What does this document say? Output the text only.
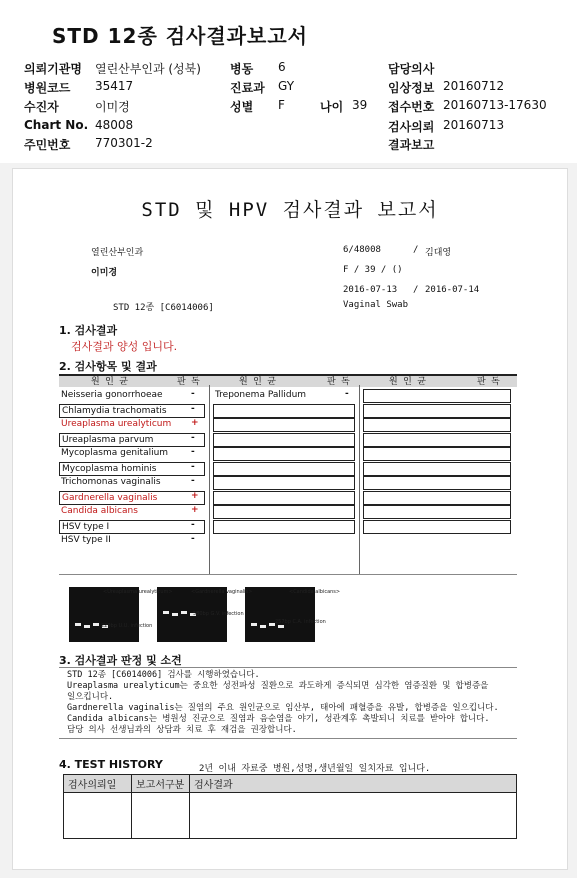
STD 12종 검사결과보고서
의뢰기관명 열린산부인과 (성북) 병동 6	담당의사
병원코드 35417	진료과 GY	임상정보 20160712
수진자	이미경	성별 F	나이 39 접수번호 20160713-17630
Chart No. 48008	검사의뢰 20160713
주민번호 770301-2	결과보고
STD 및 HPV 검사결과 보고서
열린산부인과	6/48008	/ 김대영
이미경	F / 39 / ()
2016-07-13 / 2016-07-14
STD 12종 [C6014006]	Vaginal Swab
1. 검사결과
검사결과 양성 입니다.
2. 검사항목 및 결과
원 인 균	판 독	원 인 균	판 독	원 인 균	판 독
Neisseria gonorrhoeae	-
Chlamydia trachomatis	-
Ureaplasma urealyticum	+
Ureaplasma parvum	-
Mycoplasma genitalium	-
Mycoplasma hominis	-
Trichomonas vaginalis	-
Gardnerella vaginalis	+
Candida albicans	+
HSV type I	-
HSV type II	-
Treponema Pallidum	-
<Ureaplasma urealyticum>	<Gardnerella vaginalis>	<Candida albicans>
229bp U.U. infection
580bp G.V. infection
257bp C.A. infection
3. 검사결과 판정 및 소견
STD 12종 [C6014006] 검사를 시행하였습니다.
Ureaplasma urealyticum는 중요한 성전파성 질환으로 과도하게 증식되면 심각한 염증질환 및 합병증을
일으킵니다.
Gardnerella vaginalis는 질염의 주요 원인균으로 임산부, 태아에 패혈증을 유발, 합병증을 일으킵니다.
Candida albicans는 병원성 진균으로 질염과 음순염을 야기, 성관계후 촉발되니 치료를 받아야 합니다.
담당 의사 선생님과의 상담과 치료 후 재검을 권장합니다.
4. TEST HISTORY	2년 이내 자료중 병원,성명,생년월일 일치자료 입니다.
검사의뢰일	보고서구분	검사결과
